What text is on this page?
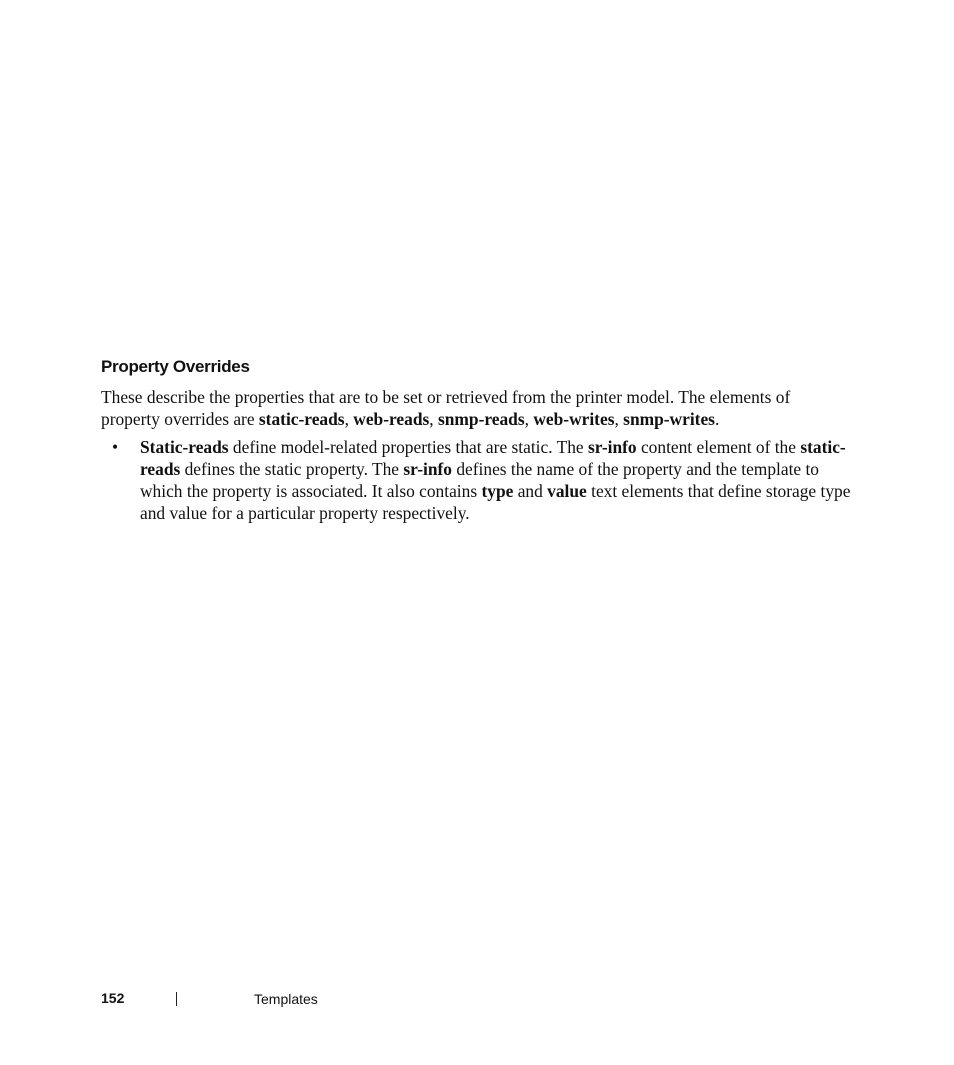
Property Overrides

These describe the properties that are to be set or retrieved from the printer model. The elements of property overrides are static-reads, web-reads, snmp-reads, web-writes, snmp-writes.

• Static-reads define model-related properties that are static. The sr-info content element of the static-reads defines the static property. The sr-info defines the name of the property and the template to which the property is associated. It also contains type and value text elements that define storage type and value for a particular property respectively.
152	Templates
